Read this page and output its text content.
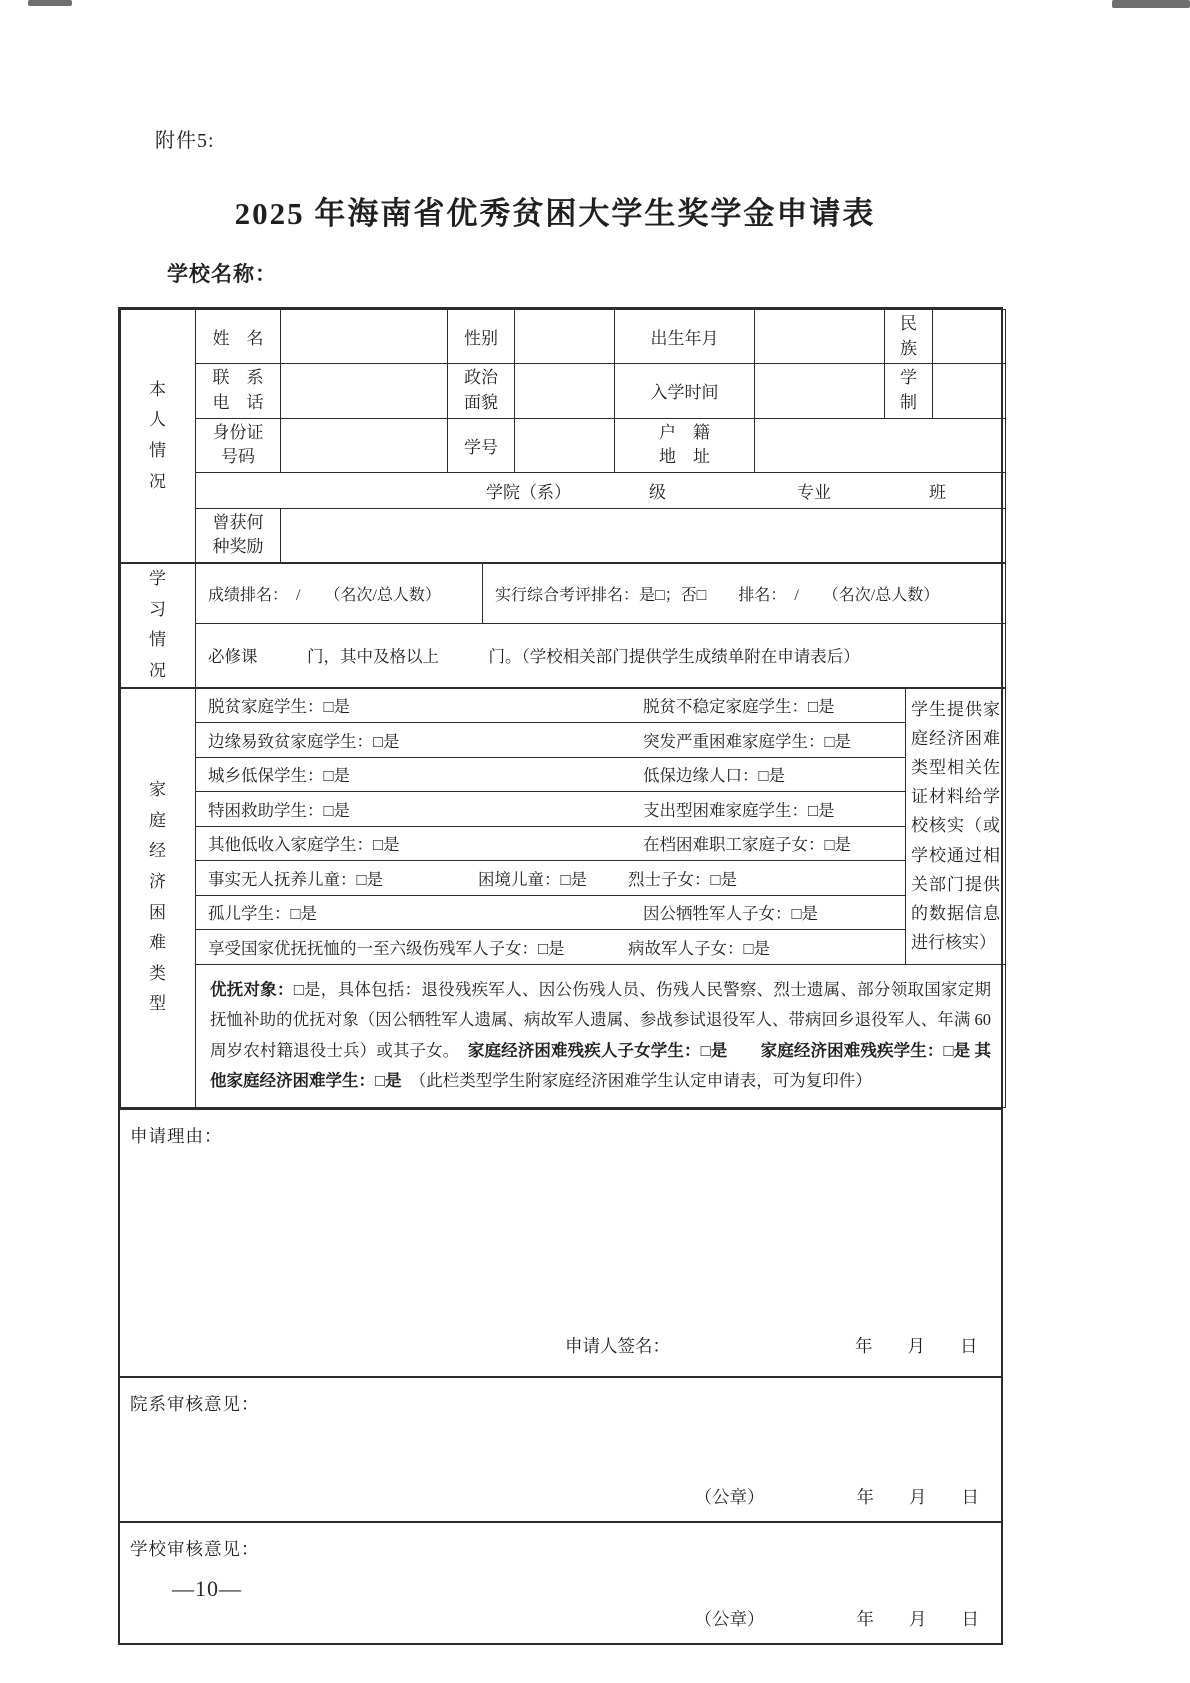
附件5:
2025 年海南省优秀贫困大学生奖学金申请表
学校名称：
本人情况	姓　名		性别		出生年月		民族	
	联　系电　话		政治面貌		入学时间		学制	
	身份证号码		学号		户　籍地　址			

	学院（系） 级 专业 班							

	曾获何种奖励							
学习情况	成绩排名：　/　　（名次/总人数）	实行综合考评排名：是□；否□　　排名：　/　　（名次/总人数）
必修课　　　门，其中及格以上　　　门。（学校相关部门提供学生成绩单附在申请表后）
家庭经济困难类型	
脱贫家庭学生：□是	脱贫不稳定家庭学生：□是	学生提供家庭经济困难类型相关佐证材料给学校核实（或学校通过相关部门提供的数据信息进行核实）

边缘易致贫家庭学生：□是	突发严重困难家庭学生：□是

城乡低保学生：□是	低保边缘人口：□是

特困救助学生：□是	支出型困难家庭学生：□是

其他低收入家庭学生：□是	在档困难职工家庭子女：□是

事实无人抚养儿童：□是	困境儿童：□是	烈士子女：□是

孤儿学生：□是	因公牺牲军人子女：□是

享受国家优抚抚恤的一至六级伤残军人子女：□是	病故军人子女：□是

优抚对象：□是，具体包括：退役残疾军人、因公伤残人员、伤残人民警察、烈士遗属、部分领取国家定期抚恤补助的优抚对象（因公牺牲军人遗属、病故军人遗属、参战参试退役军人、带病回乡退役军人、年满 60 周岁农村籍退役士兵）或其子女。　 家庭经济困难残疾人子女学生：□是　　 家庭经济困难残疾学生：□是 其他家庭经济困难学生：□是　 （此栏类型学生附家庭经济困难学生认定申请表，可为复印件）

申请理由：
申请人签名：	年　　月　　日
院系审核意见：
（公章）	年　　月　　日
学校审核意见：
（公章）	年　　月　　日
—10—
